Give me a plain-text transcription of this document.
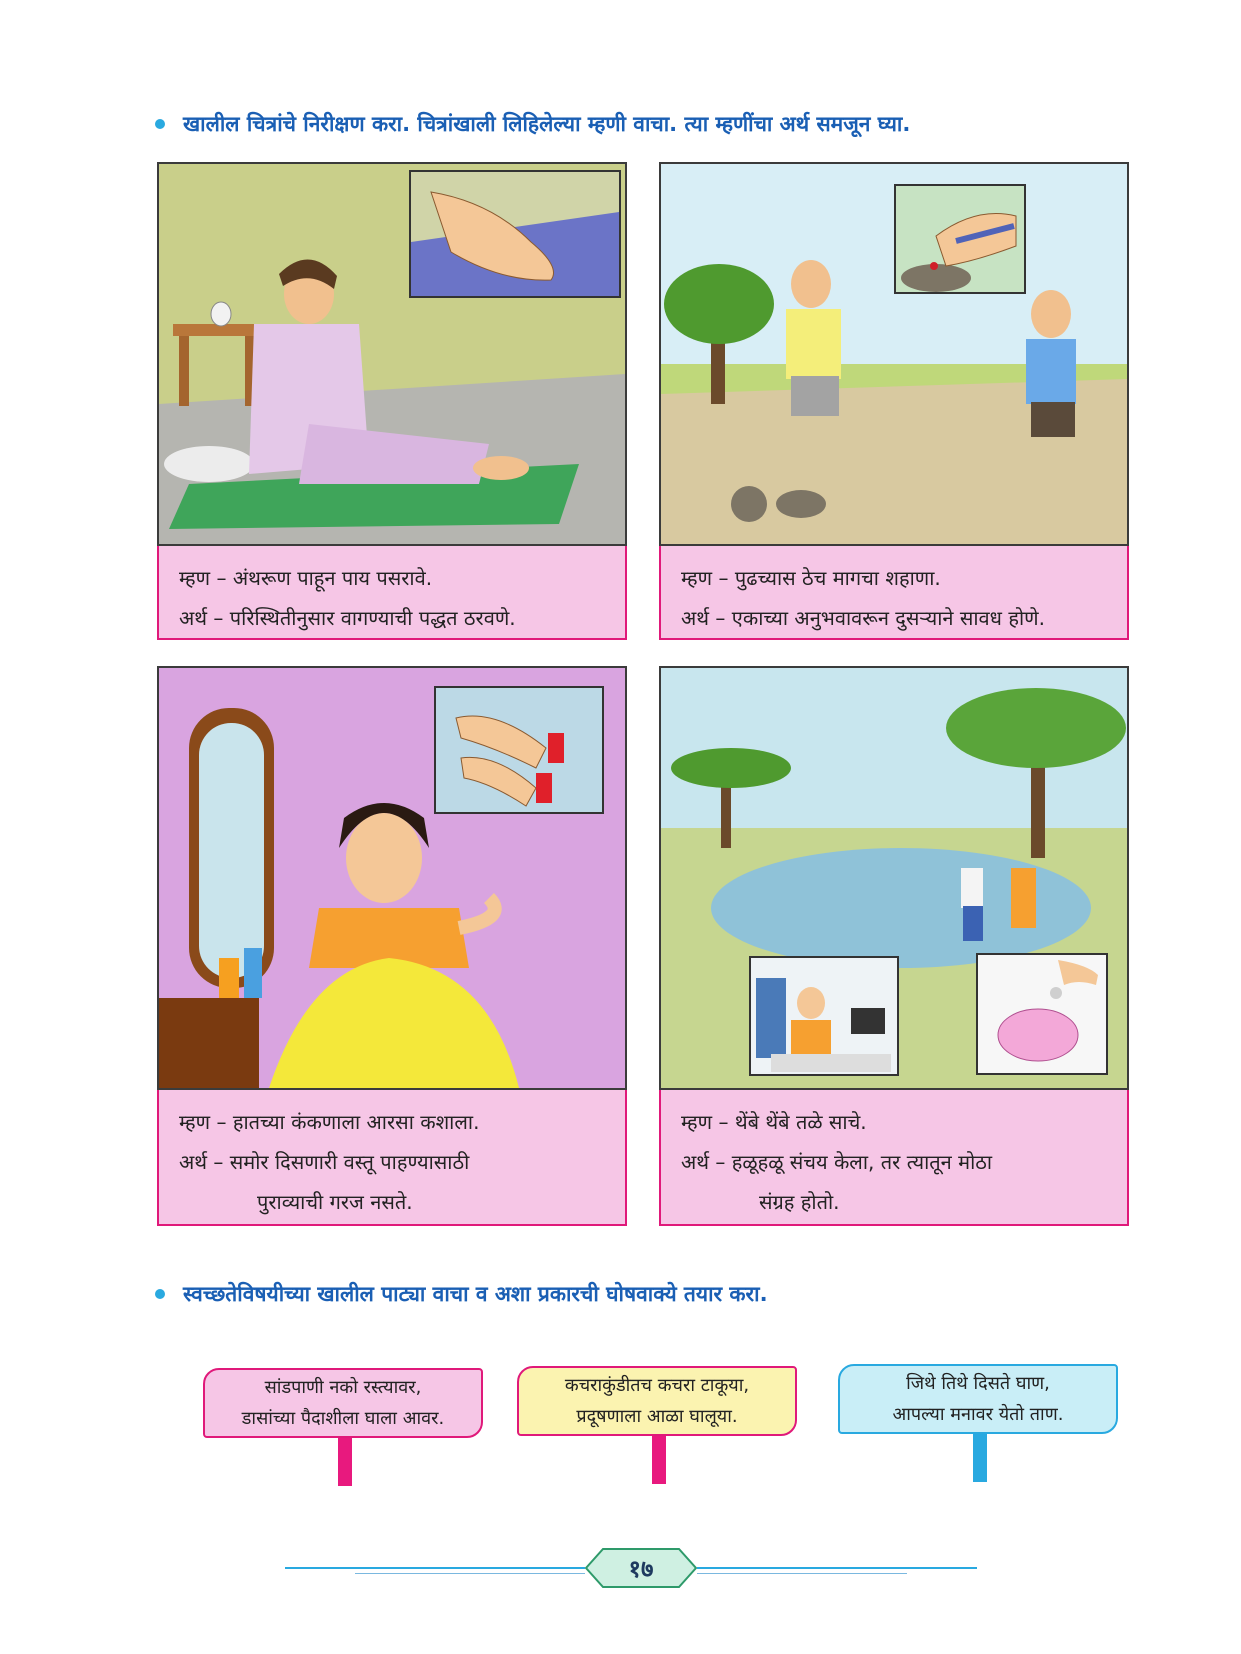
खालील चित्रांचे निरीक्षण करा. चित्रांखाली लिहिलेल्या म्हणी वाचा. त्या म्हणींचा अर्थ समजून घ्या.
म्हण – अंथरूण पाहून पाय पसरावे.
अर्थ – परिस्थितीनुसार वागण्याची पद्धत ठरवणे.
म्हण – पुढच्यास ठेच मागचा शहाणा.
अर्थ – एकाच्या अनुभवावरून दुसऱ्याने सावध होणे.
म्हण – हातच्या कंकणाला आरसा कशाला.
अर्थ – समोर दिसणारी वस्तू पाहण्यासाठी
पुराव्याची गरज नसते.
म्हण – थेंबे थेंबे तळे साचे.
अर्थ – हळूहळू संचय केला, तर त्यातून मोठा
संग्रह होतो.
स्वच्छतेविषयीच्या खालील पाट्या वाचा व अशा प्रकारची घोषवाक्ये तयार करा.
सांडपाणी नको रस्त्यावर,
डासांच्या पैदाशीला घाला आवर.
कचराकुंडीतच कचरा टाकूया,
प्रदूषणाला आळा घालूया.
जिथे तिथे दिसते घाण,
आपल्या मनावर येतो ताण.
१७
